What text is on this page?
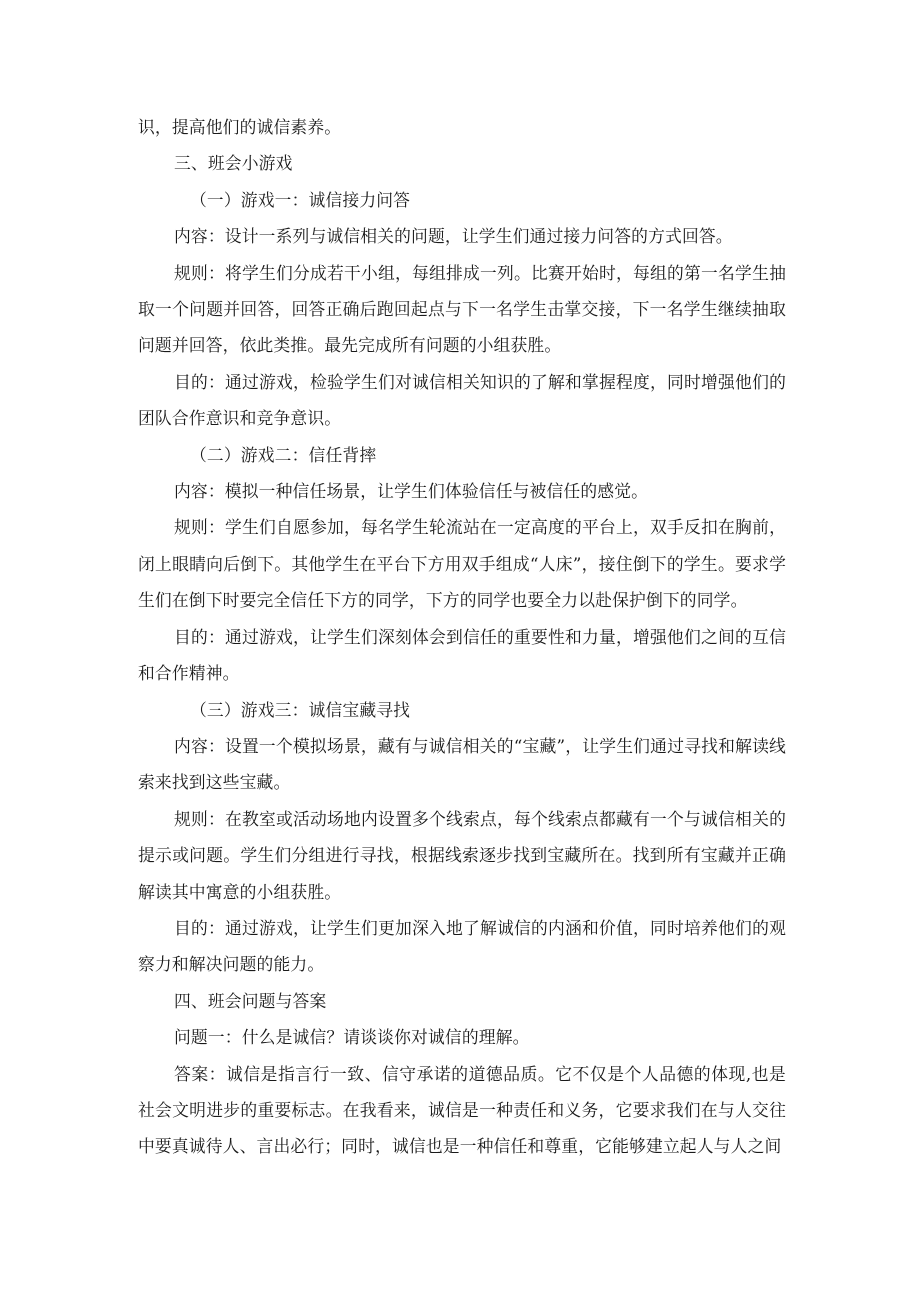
识，提高他们的诚信素养。

三、班会小游戏

（一）游戏一：诚信接力问答

内容：设计一系列与诚信相关的问题，让学生们通过接力问答的方式回答。

规则：将学生们分成若干小组，每组排成一列。比赛开始时，每组的第一名学生抽取一个问题并回答，回答正确后跑回起点与下一名学生击掌交接，下一名学生继续抽取问题并回答，依此类推。最先完成所有问题的小组获胜。

目的：通过游戏，检验学生们对诚信相关知识的了解和掌握程度，同时增强他们的团队合作意识和竞争意识。

（二）游戏二：信任背摔

内容：模拟一种信任场景，让学生们体验信任与被信任的感觉。

规则：学生们自愿参加，每名学生轮流站在一定高度的平台上，双手反扣在胸前，闭上眼睛向后倒下。其他学生在平台下方用双手组成“人床”，接住倒下的学生。要求学生们在倒下时要完全信任下方的同学，下方的同学也要全力以赴保护倒下的同学。

目的：通过游戏，让学生们深刻体会到信任的重要性和力量，增强他们之间的互信和合作精神。

（三）游戏三：诚信宝藏寻找

内容：设置一个模拟场景，藏有与诚信相关的“宝藏”，让学生们通过寻找和解读线索来找到这些宝藏。

规则：在教室或活动场地内设置多个线索点，每个线索点都藏有一个与诚信相关的提示或问题。学生们分组进行寻找，根据线索逐步找到宝藏所在。找到所有宝藏并正确解读其中寓意的小组获胜。

目的：通过游戏，让学生们更加深入地了解诚信的内涵和价值，同时培养他们的观察力和解决问题的能力。

四、班会问题与答案

问题一：什么是诚信？请谈谈你对诚信的理解。

答案：诚信是指言行一致、信守承诺的道德品质。它不仅是个人品德的体现,也是社会文明进步的重要标志。在我看来，诚信是一种责任和义务，它要求我们在与人交往中要真诚待人、言出必行；同时，诚信也是一种信任和尊重，它能够建立起人与人之间
